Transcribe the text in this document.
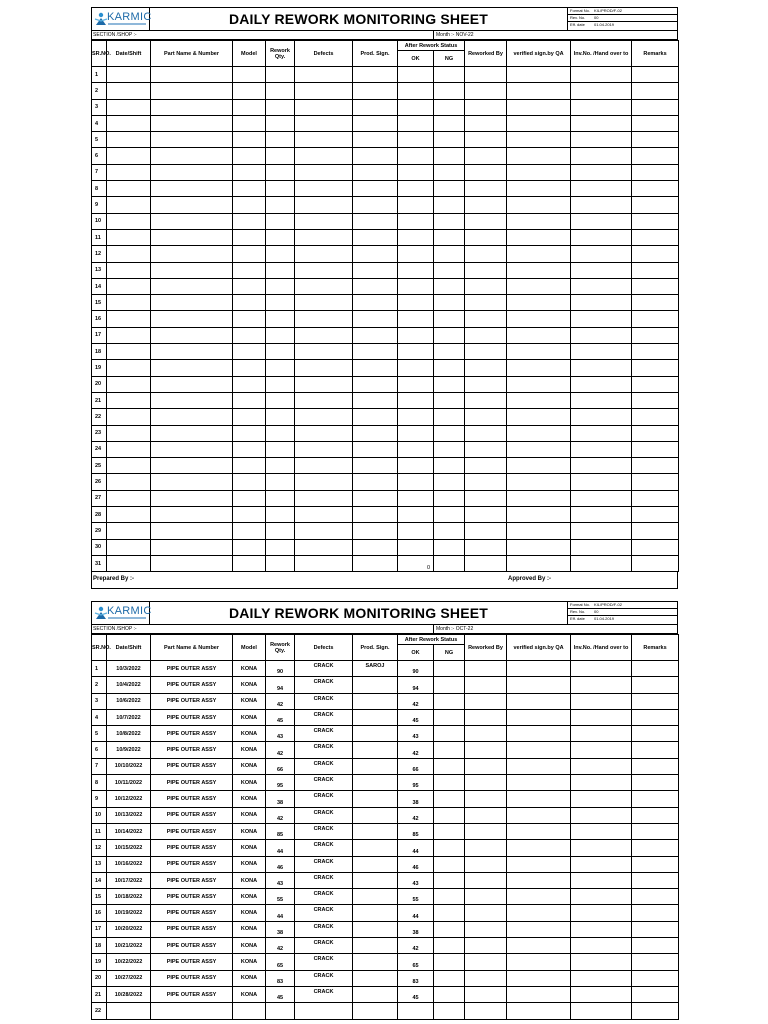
KARMIC	DAILY REWORK MONITORING SHEET
Format No. KIL/PROD/F-02
Rev. No. 00
Eff. date 01.04.2019
SECTION /SHOP :-	Month :- NOV-22
SR.NO.	Date/Shift	Part Name & Number	Model	Rework Qty.	Defects	Prod. Sign.	After Rework Status		Reworked By	verified sign.by QA	Inv.No. /Hand over to	Remarks
							OK	NG				
1												
2												
3												
4												
5												
6												
7												
8												
9												
10												
11												
12												
13												
14												
15												
16												
17												
18												
19												
20												
21												
22												
23												
24												
25												
26												
27												
28												
29												
30												
31							0					
Prepared By :-	Approved By :-
KARMIC	DAILY REWORK MONITORING SHEET
Format No. KIL/PROD/F-02
Rev. No. 00
Eff. date 01.04.2019
SECTION /SHOP :-	Month :- OCT-22
SR.NO.	Date/Shift	Part Name & Number	Model	Rework Qty.	Defects	Prod. Sign.	After Rework Status		Reworked By	verified sign.by QA	Inv.No. /Hand over to	Remarks
							OK	NG				
1	10/3/2022	PIPE OUTER ASSY	KONA	90	CRACK	SAROJ	90					
2	10/4/2022	PIPE OUTER ASSY	KONA	94	CRACK		94					
3	10/6/2022	PIPE OUTER ASSY	KONA	42	CRACK		42					
4	10/7/2022	PIPE OUTER ASSY	KONA	45	CRACK		45					
5	10/8/2022	PIPE OUTER ASSY	KONA	43	CRACK		43					
6	10/9/2022	PIPE OUTER ASSY	KONA	42	CRACK		42					
7	10/10/2022	PIPE OUTER ASSY	KONA	66	CRACK		66					
8	10/11/2022	PIPE OUTER ASSY	KONA	95	CRACK		95					
9	10/12/2022	PIPE OUTER ASSY	KONA	38	CRACK		38					
10	10/13/2022	PIPE OUTER ASSY	KONA	42	CRACK		42					
11	10/14/2022	PIPE OUTER ASSY	KONA	85	CRACK		85					
12	10/15/2022	PIPE OUTER ASSY	KONA	44	CRACK		44					
13	10/16/2022	PIPE OUTER ASSY	KONA	46	CRACK		46					
14	10/17/2022	PIPE OUTER ASSY	KONA	43	CRACK		43					
15	10/18/2022	PIPE OUTER ASSY	KONA	55	CRACK		55					
16	10/19/2022	PIPE OUTER ASSY	KONA	44	CRACK		44					
17	10/20/2022	PIPE OUTER ASSY	KONA	38	CRACK		38					
18	10/21/2022	PIPE OUTER ASSY	KONA	42	CRACK		42					
19	10/22/2022	PIPE OUTER ASSY	KONA	65	CRACK		65					
20	10/27/2022	PIPE OUTER ASSY	KONA	83	CRACK		83					
21	10/28/2022	PIPE OUTER ASSY	KONA	45	CRACK		45					
22												
